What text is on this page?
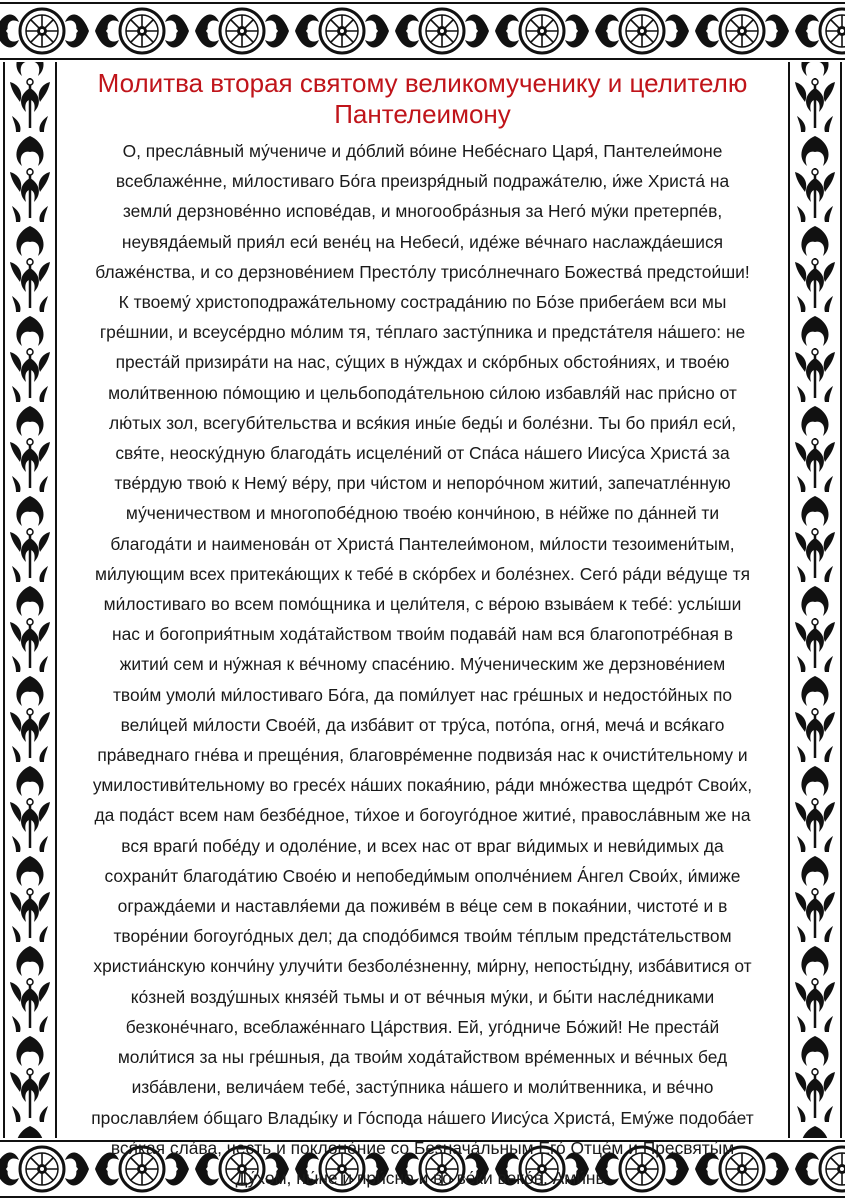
Молитва вторая святому великомученику и целителю Пантелеимону
О, пресла́вный му́чениче и до́блий во́ине Небе́снаго Царя́, Пантелеи́моне
всеблаже́нне, ми́лостиваго Бо́га преизря́дный подража́телю, и́же Христа́ на
земли́ дерзнове́нно испове́дав, и многообра́зныя за Него́ му́ки претерпе́в,
неувяда́емый прия́л еси́ вене́ц на Небеси́, иде́же ве́чнаго наслажда́ешися
блаже́нства, и со дерзнове́нием Престо́лу трисо́лнечнаго Божества́ предстои́ши!
К твоему́ христоподража́тельному сострада́нию по Бо́зе прибега́ем вси мы
гре́шнии, и всеусе́рдно мо́лим тя, те́плаго засту́пника и предста́теля на́шего: не
преста́й призира́ти на нас, су́щих в ну́ждах и ско́рбных обстоя́ниях, и твое́ю
моли́твенною по́мощию и цельбопода́тельною си́лою избавля́й нас при́сно от
лю́тых зол, всегуби́тельства и вся́кия ины́е беды́ и боле́зни. Ты бо прия́л еси́,
свя́те, неоску́дную благода́ть исцеле́ний от Спа́са на́шего Иису́са Христа́ за
тве́рдую твою́ к Нему́ ве́ру, при чи́стом и непоро́чном житии́, запечатле́нную
му́ченичеством и многопобе́дною твое́ю кончи́ною, в не́йже по да́нней ти
благода́ти и наименова́н от Христа́ Пантелеи́моном, ми́лости тезоимени́тым,
ми́лующим всех притека́ющих к тебе́ в ско́рбех и боле́знех. Сего́ ра́ди ве́дуще тя
ми́лостиваго во всем помо́щника и цели́теля, с ве́рою взыва́ем к тебе́: услы́ши
нас и богоприя́тным хода́тайством твои́м подава́й нам вся благопотре́бная в
житии́ сем и ну́жная к ве́чному спасе́нию. Му́ченическим же дерзнове́нием
твои́м умоли́ ми́лостиваго Бо́га, да поми́лует нас гре́шных и недосто́йных по
вели́цей ми́лости Свое́й, да изба́вит от тру́са, пото́па, огня́, меча́ и вся́каго
пра́веднаго гне́ва и преще́ния, благовре́менне подвиза́я нас к очисти́тельному и
умилостиви́тельному во гресе́х на́ших покая́нию, ра́ди мно́жества щедро́т Свои́х,
да пода́ст всем нам безбе́дное, ти́хое и богоуго́дное житие́, правосла́вным же на
вся враги́ побе́ду и одоле́ние, и всех нас от враг ви́димых и неви́димых да
сохрани́т благода́тию Свое́ю и непобеди́мым ополче́нием А́нгел Свои́х, и́миже
огражда́еми и наставля́еми да поживе́м в ве́це сем в покая́нии, чистоте́ и в
творе́нии богоуго́дных дел; да сподо́бимся твои́м те́плым предста́тельством
христиа́нскую кончи́ну улучи́ти безболе́зненну, ми́рну, непосты́дну, изба́витися от
ко́зней возду́шных князе́й тьмы и от ве́чныя му́ки, и бы́ти насле́дниками
безконе́чнаго, всеблаже́ннаго Ца́рствия. Ей, уго́дниче Бо́жий! Не преста́й
моли́тися за ны гре́шныя, да твои́м хода́тайством вре́менных и ве́чных бед
изба́влени, велича́ем тебе́, засту́пника на́шего и моли́твенника, и ве́чно
прославля́ем о́бщаго Влады́ку и Го́спода на́шего Иису́са Христа́, Ему́же подоба́ет
вся́кая сла́ва, честь и поклоне́ние со Безнача́льным Его́ Отце́м и Пресвяты́м
Ду́хом, ны́не и при́сно и во ве́ки веко́в. Ами́нь.
